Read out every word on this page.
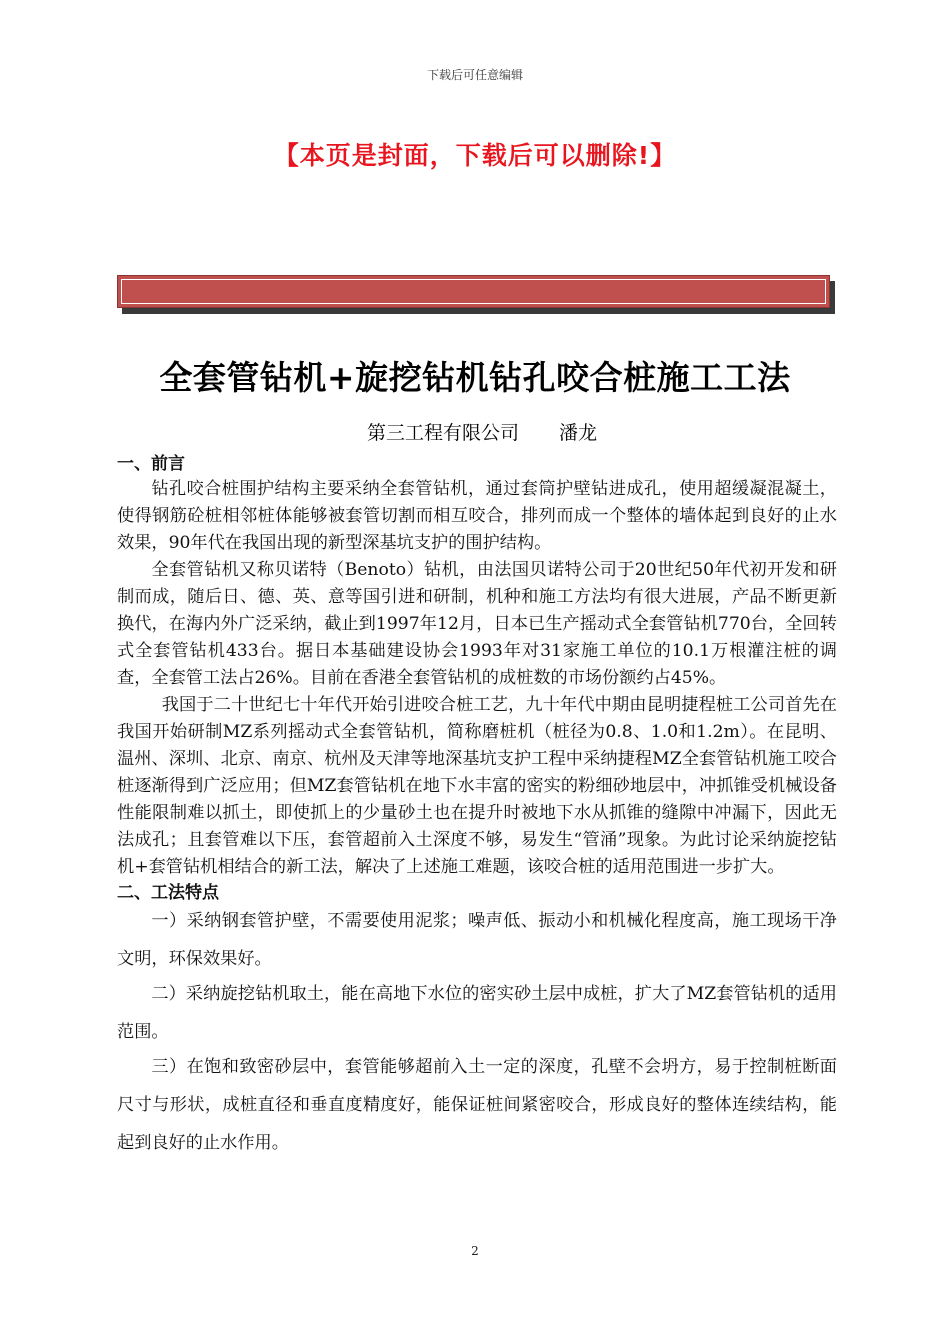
下载后可任意编辑
【本页是封面，下载后可以删除!】
全套管钻机+旋挖钻机钻孔咬合桩施工工法
第三工程有限公司 潘龙

一、前言

钻孔咬合桩围护结构主要采纳全套管钻机，通过套筒护壁钻进成孔，使用超缓凝混凝土，使得钢筋砼桩相邻桩体能够被套管切割而相互咬合，排列而成一个整体的墙体起到良好的止水效果，90年代在我国出现的新型深基坑支护的围护结构。

全套管钻机又称贝诺特（Benoto）钻机，由法国贝诺特公司于20世纪50年代初开发和研制而成，随后日、德、英、意等国引进和研制，机种和施工方法均有很大进展，产品不断更新换代，在海内外广泛采纳，截止到1997年12月，日本已生产摇动式全套管钻机770台，全回转式全套管钻机433台。据日本基础建设协会1993年对31家施工单位的10.1万根灌注桩的调查，全套管工法占26%。目前在香港全套管钻机的成桩数的市场份额约占45%。

我国于二十世纪七十年代开始引进咬合桩工艺，九十年代中期由昆明捷程桩工公司首先在我国开始研制MZ系列摇动式全套管钻机，简称磨桩机（桩径为0.8、1.0和1.2m）。在昆明、温州、深圳、北京、南京、杭州及天津等地深基坑支护工程中采纳捷程MZ全套管钻机施工咬合桩逐渐得到广泛应用；但MZ套管钻机在地下水丰富的密实的粉细砂地层中，冲抓锥受机械设备性能限制难以抓土，即使抓上的少量砂土也在提升时被地下水从抓锥的缝隙中冲漏下，因此无法成孔；且套管难以下压，套管超前入土深度不够，易发生“管涌”现象。为此讨论采纳旋挖钻机+套管钻机相结合的新工法，解决了上述施工难题，该咬合桩的适用范围进一步扩大。

二、工法特点

一）采纳钢套管护壁，不需要使用泥浆；噪声低、振动小和机械化程度高，施工现场干净文明，环保效果好。

二）采纳旋挖钻机取土，能在高地下水位的密实砂土层中成桩，扩大了MZ套管钻机的适用范围。

三）在饱和致密砂层中，套管能够超前入土一定的深度，孔壁不会坍方，易于控制桩断面尺寸与形状，成桩直径和垂直度精度好，能保证桩间紧密咬合，形成良好的整体连续结构，能起到良好的止水作用。

2
